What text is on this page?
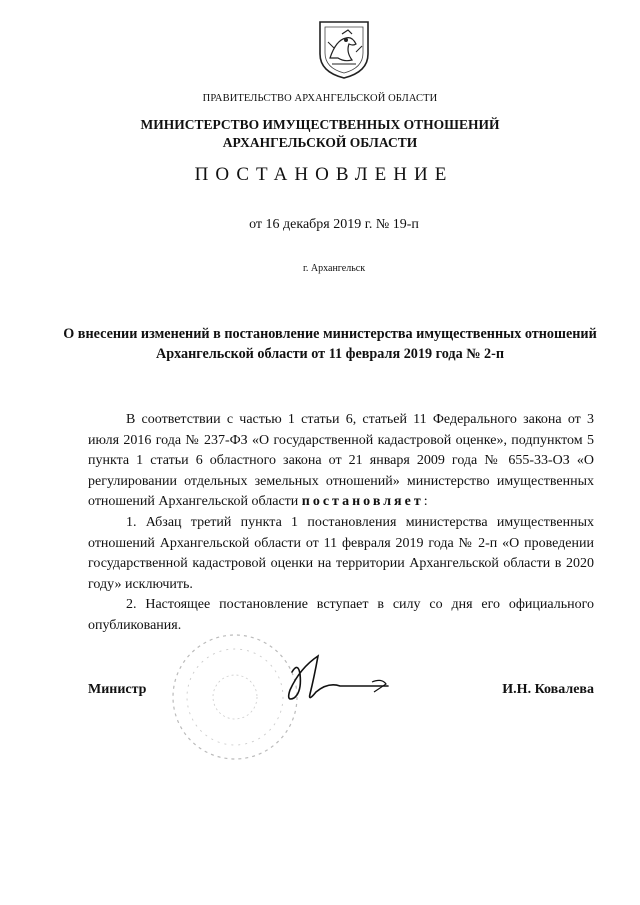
ПРАВИТЕЛЬСТВО АРХАНГЕЛЬСКОЙ ОБЛАСТИ
МИНИСТЕРСТВО ИМУЩЕСТВЕННЫХ ОТНОШЕНИЙ
АРХАНГЕЛЬСКОЙ ОБЛАСТИ
ПОСТАНОВЛЕНИЕ
от 16 декабря 2019 г. № 19-п
г. Архангельск
О внесении изменений в постановление министерства имущественных отношений Архангельской области от 11 февраля 2019 года № 2-п

В соответствии с частью 1 статьи 6, статьей 11 Федерального закона от 3 июля 2016 года № 237-ФЗ «О государственной кадастровой оценке», подпунктом 5 пункта 1 статьи 6 областного закона от 21 января 2009 года № 655-33-ОЗ «О регулировании отдельных земельных отношений» министерство имущественных отношений Архангельской области постановляет:

1. Абзац третий пункта 1 постановления министерства имущественных отношений Архангельской области от 11 февраля 2019 года № 2-п «О проведении государственной кадастровой оценки на территории Архангельской области в 2020 году» исключить.

2. Настоящее постановление вступает в силу со дня его официального опубликования.

Министр	И.Н. Ковалева
